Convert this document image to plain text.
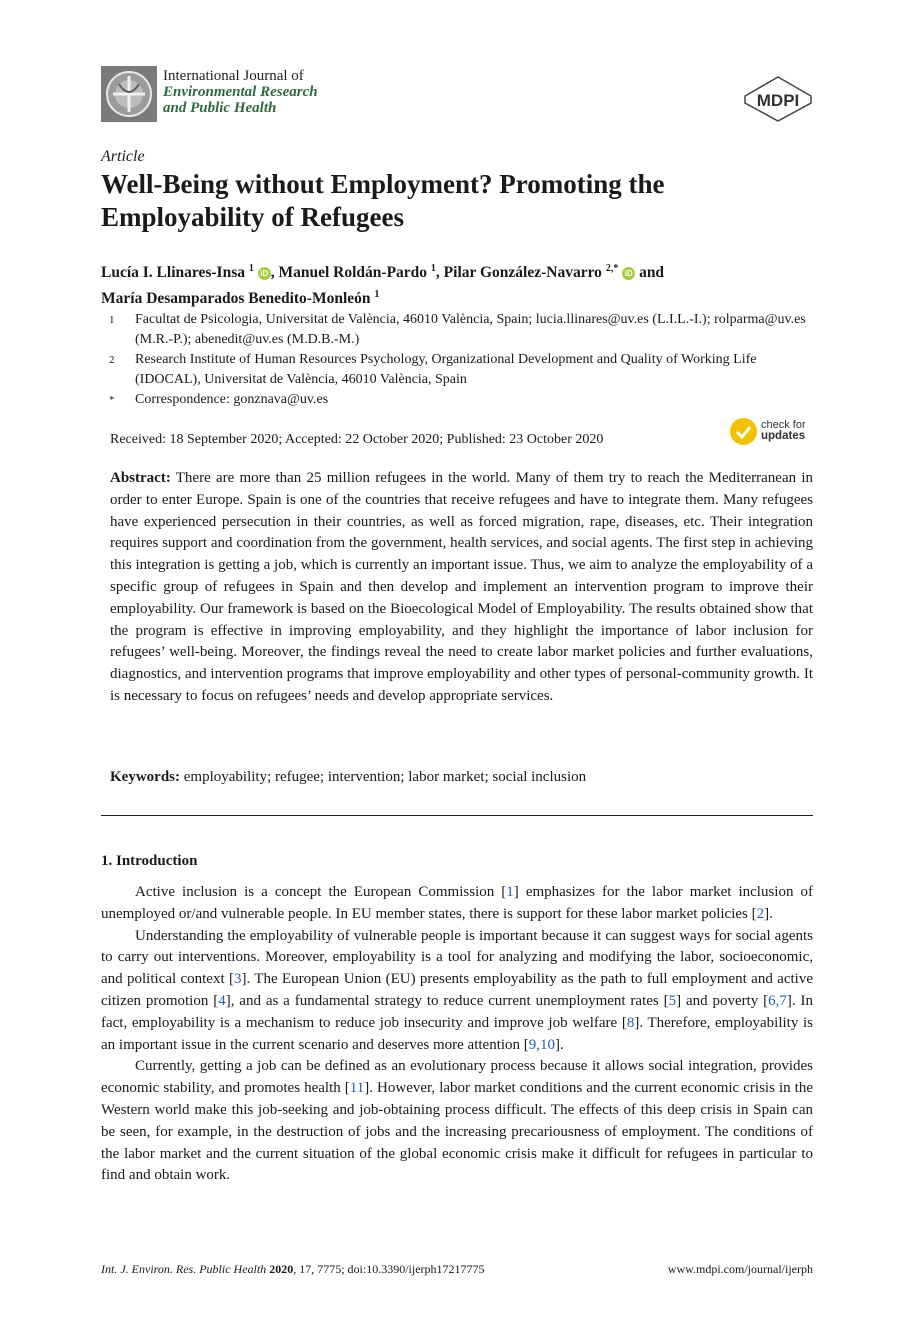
International Journal of
Environmental Research
and Public Health	MDPI
Article
Well-Being without Employment? Promoting the Employability of Refugees
Lucía I. Llinares-Insa $^1$ iD , Manuel Roldán-Pardo $^1$, Pilar González-Navarro $^{2,*}$ iD and
María Desamparados Benedito-Monleón $^1$
1	Facultat de Psicologia, Universitat de València, 46010 València, Spain; lucia.llinares@uv.es (L.I.L.-I.); rolparma@uv.es (M.R.-P.); abenedit@uv.es (M.D.B.-M.)
2	Research Institute of Human Resources Psychology, Organizational Development and Quality of Working Life (IDOCAL), Universitat de València, 46010 València, Spain
*	Correspondence: gonznava@uv.es
Received: 18 September 2020; Accepted: 22 October 2020; Published: 23 October 2020
check for
updates
Abstract: There are more than 25 million refugees in the world. Many of them try to reach the Mediterranean in order to enter Europe. Spain is one of the countries that receive refugees and have to integrate them. Many refugees have experienced persecution in their countries, as well as forced migration, rape, diseases, etc. Their integration requires support and coordination from the government, health services, and social agents. The first step in achieving this integration is getting a job, which is currently an important issue. Thus, we aim to analyze the employability of a specific group of refugees in Spain and then develop and implement an intervention program to improve their employability. Our framework is based on the Bioecological Model of Employability. The results obtained show that the program is effective in improving employability, and they highlight the importance of labor inclusion for refugees’ well-being. Moreover, the findings reveal the need to create labor market policies and further evaluations, diagnostics, and intervention programs that improve employability and other types of personal-community growth. It is necessary to focus on refugees’ needs and develop appropriate services.
Keywords: employability; refugee; intervention; labor market; social inclusion
1. Introduction

Active inclusion is a concept the European Commission [1] emphasizes for the labor market inclusion of unemployed or/and vulnerable people. In EU member states, there is support for these labor market policies [2].

Understanding the employability of vulnerable people is important because it can suggest ways for social agents to carry out interventions. Moreover, employability is a tool for analyzing and modifying the labor, socioeconomic, and political context [3]. The European Union (EU) presents employability as the path to full employment and active citizen promotion [4], and as a fundamental strategy to reduce current unemployment rates [5] and poverty [6,7]. In fact, employability is a mechanism to reduce job insecurity and improve job welfare [8]. Therefore, employability is an important issue in the current scenario and deserves more attention [9,10].

Currently, getting a job can be defined as an evolutionary process because it allows social integration, provides economic stability, and promotes health [11]. However, labor market conditions and the current economic crisis in the Western world make this job-seeking and job-obtaining process difficult. The effects of this deep crisis in Spain can be seen, for example, in the destruction of jobs and the increasing precariousness of employment. The conditions of the labor market and the current situation of the global economic crisis make it difficult for refugees in particular to find and obtain work.

Int. J. Environ. Res. Public Health 2020, 17, 7775; doi:10.3390/ijerph17217775	www.mdpi.com/journal/ijerph
